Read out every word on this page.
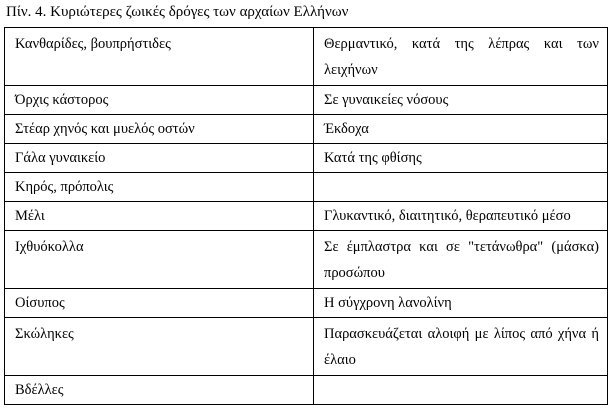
Πίν. 4. Κυριώτερες ζωικές δρόγες των αρχαίων Ελλήνων
Κανθαρίδες, βουπρήστιδες	Θερμαντικό, κατά της λέπρας και των λειχήνων
Όρχις κάστορος	Σε γυναικείες νόσους
Στέαρ χηνός και μυελός οστών	Έκδοχα
Γάλα γυναικείο	Κατά της φθίσης
Κηρός, πρόπολις	
Μέλι	Γλυκαντικό, διαιτητικό, θεραπευτικό μέσο
Ιχθυόκολλα	Σε έμπλαστρα και σε "τετάνωθρα" (μάσκα) προσώπου
Οίσυπος	Η σύγχρονη λανολίνη
Σκώληκες	Παρασκευάζεται αλοιφή με λίπος από χήνα ή έλαιο
Βδέλλες	
